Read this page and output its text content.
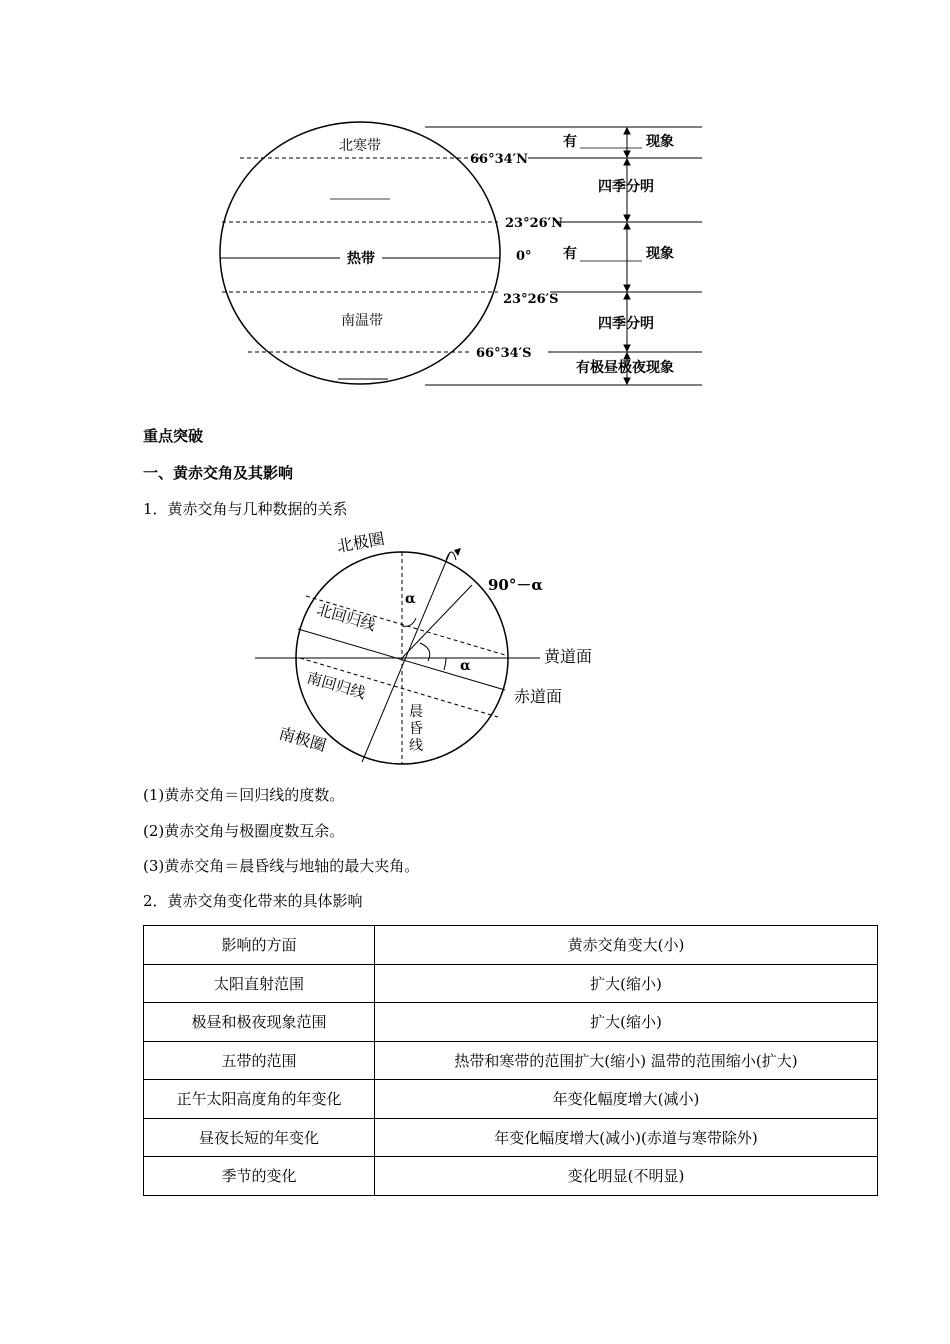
北寒带
热带
南温带
66°34′N
23°26′N
0°
23°26′S
66°34′S
有	现象
四季分明
有	现象
四季分明
有极昼极夜现象
重点突破
一、黄赤交角及其影响
1．黄赤交角与几种数据的关系
北极圈
90°－α
α
北回归线
黄道面
α
南回归线	赤道面
晨
昏
线
南极圈
(1)黄赤交角＝回归线的度数。
(2)黄赤交角与极圈度数互余。
(3)黄赤交角＝晨昏线与地轴的最大夹角。
2．黄赤交角变化带来的具体影响
影响的方面	黄赤交角变大(小)
太阳直射范围	扩大(缩小)
极昼和极夜现象范围	扩大(缩小)
五带的范围	热带和寒带的范围扩大(缩小) 温带的范围缩小(扩大)
正午太阳高度角的年变化	年变化幅度增大(减小)
昼夜长短的年变化	年变化幅度增大(减小)(赤道与寒带除外)
季节的变化	变化明显(不明显)
